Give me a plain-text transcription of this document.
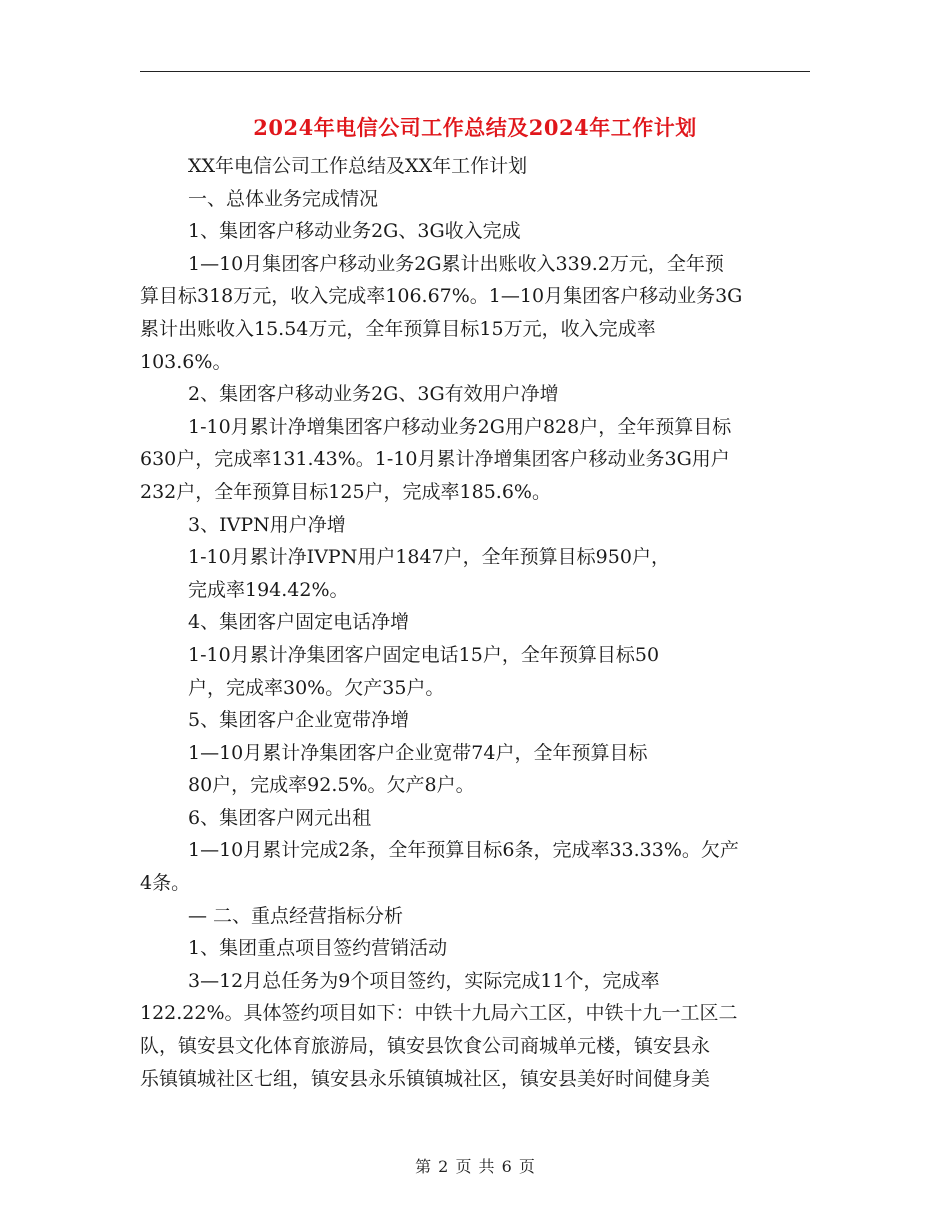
2024年电信公司工作总结及2024年工作计划

XX年电信公司工作总结及XX年工作计划

一、总体业务完成情况

1、集团客户移动业务2G、3G收入完成

1—10月集团客户移动业务2G累计出账收入339.2万元，全年预

算目标318万元，收入完成率106.67%。1—10月集团客户移动业务3G

累计出账收入15.54万元，全年预算目标15万元，收入完成率

103.6%。

2、集团客户移动业务2G、3G有效用户净增

1-10月累计净增集团客户移动业务2G用户828户，全年预算目标

630户，完成率131.43%。1-10月累计净增集团客户移动业务3G用户

232户，全年预算目标125户，完成率185.6%。

3、IVPN用户净增

1-10月累计净IVPN用户1847户，全年预算目标950户，

完成率194.42%。

4、集团客户固定电话净增

1-10月累计净集团客户固定电话15户，全年预算目标50

户，完成率30%。欠产35户。

5、集团客户企业宽带净增

1—10月累计净集团客户企业宽带74户，全年预算目标

80户，完成率92.5%。欠产8户。

6、集团客户网元出租

1—10月累计完成2条，全年预算目标6条，完成率33.33%。欠产

4条。

— 二、重点经营指标分析

1、集团重点项目签约营销活动

3—12月总任务为9个项目签约，实际完成11个，完成率

122.22%。具体签约项目如下：中铁十九局六工区，中铁十九一工区二

队，镇安县文化体育旅游局，镇安县饮食公司商城单元楼，镇安县永

乐镇镇城社区七组，镇安县永乐镇镇城社区，镇安县美好时间健身美

第 2 页 共 6 页
